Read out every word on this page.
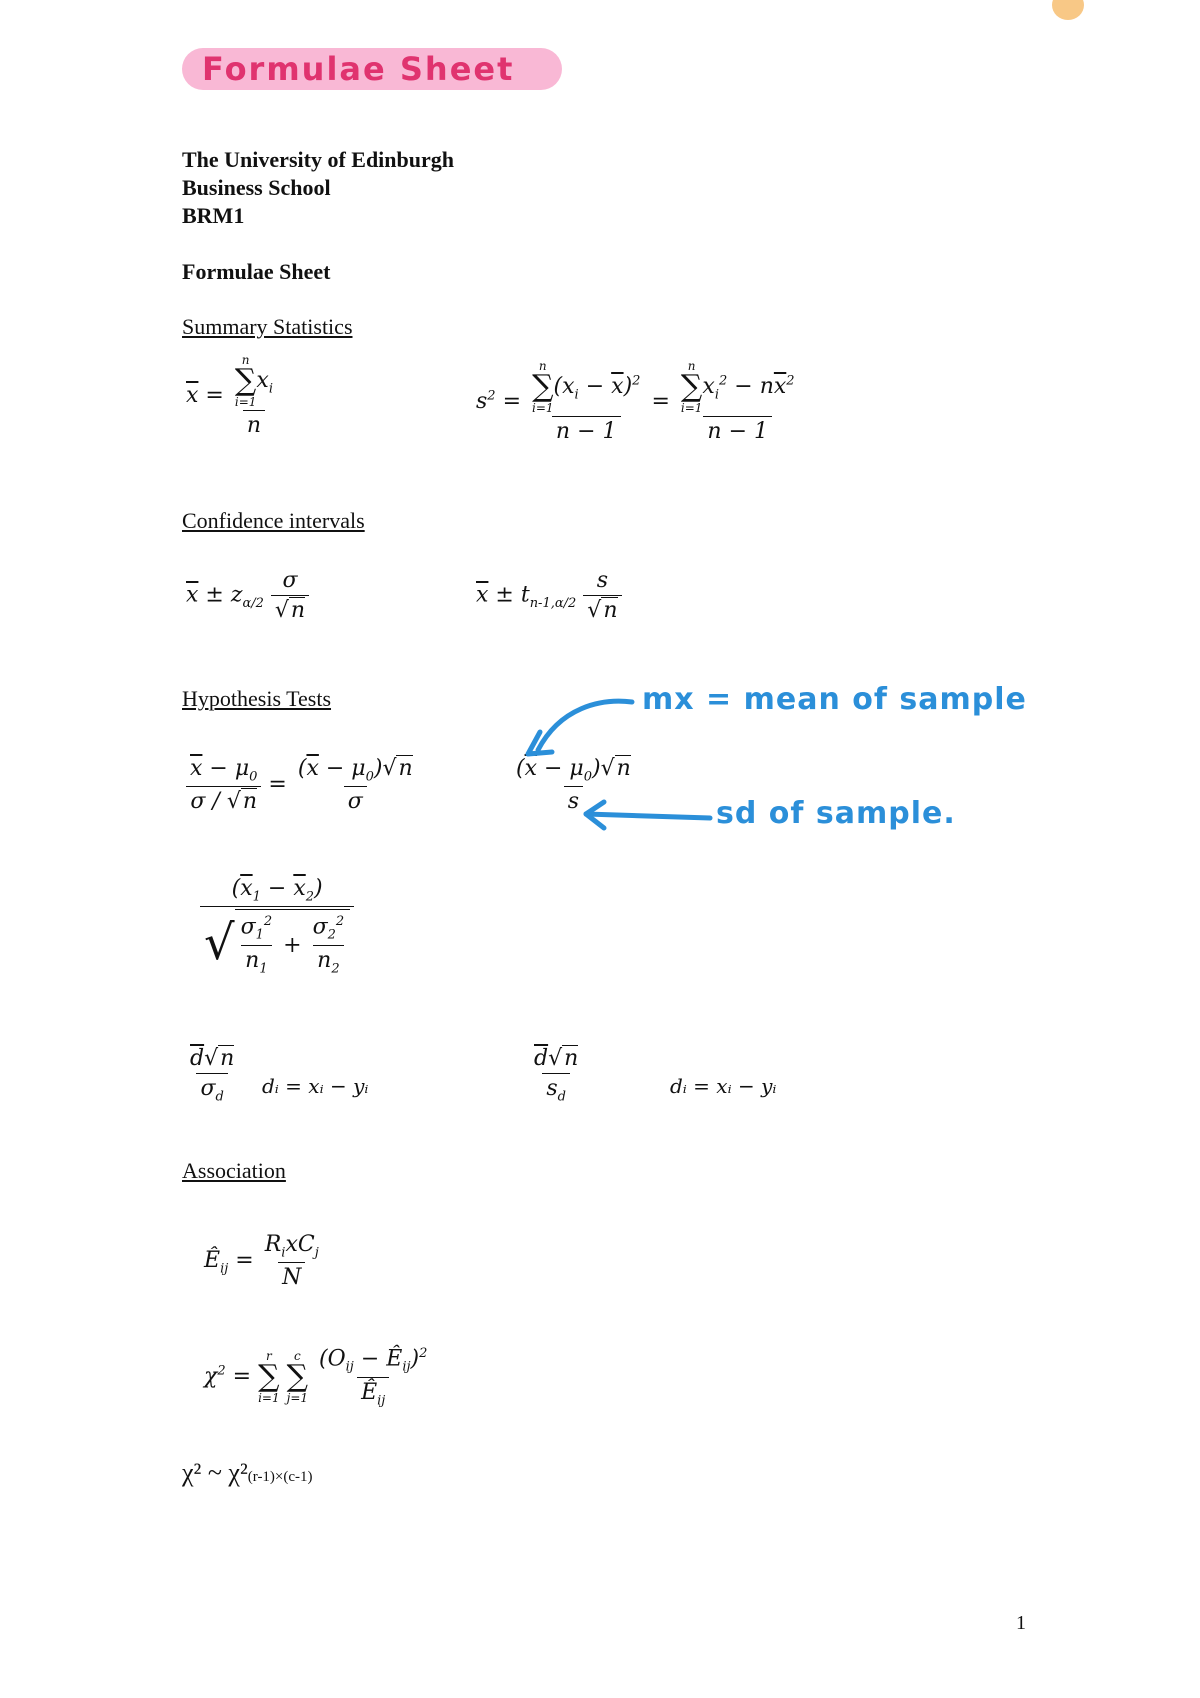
Formulae Sheet

The University of Edinburgh

Business School

BRM1

Formulae Sheet

Summary Statistics

$\overline{x} = n$
∑
i=1
$x_i$
n	$s^2 = n$
∑
i=1
$(x_i - \overline{x})^2$
n − 1 = n
∑
i=1
$x_i^2 - n\overline{x}^2$
n − 1

Confidence intervals

$\overline{x} \pm z_{\alpha/2} \frac{\sigma}{√n}$	$\overline{x} \pm t_{n-1,\alpha/2} \frac{s}{√n}$

Hypothesis Tests

$\frac{\overline{x} - \mu_0}{\sigma / √n} = \frac{(\overline{x} - \mu_0)√n}{\sigma}$	$\frac{(\overline{x} - \mu_0)√n}{s}$
mx = mean of sample
sd of sample.
$\frac{(\overline{x}_1 - \overline{x}_2)}{√ \frac{\sigma_1^2}{n_1} + \frac{\sigma_2^2}{n_2}}$
$\frac{\overline{d}√n}{\sigma_d}$ dᵢ = xᵢ − yᵢ	$\frac{\overline{d}√n}{s_d}$	dᵢ = xᵢ − yᵢ

Association

$Ê_{ij} = \frac{R_ixC_j}{N}$
$\chi^2$ =
r
∑
i=1

c
∑
j=1
$\frac{(O_{ij} - Ê_{ij})^2}{Ê_{ij}}$
χ² ~ χ²(r-1)×(c-1)
1
